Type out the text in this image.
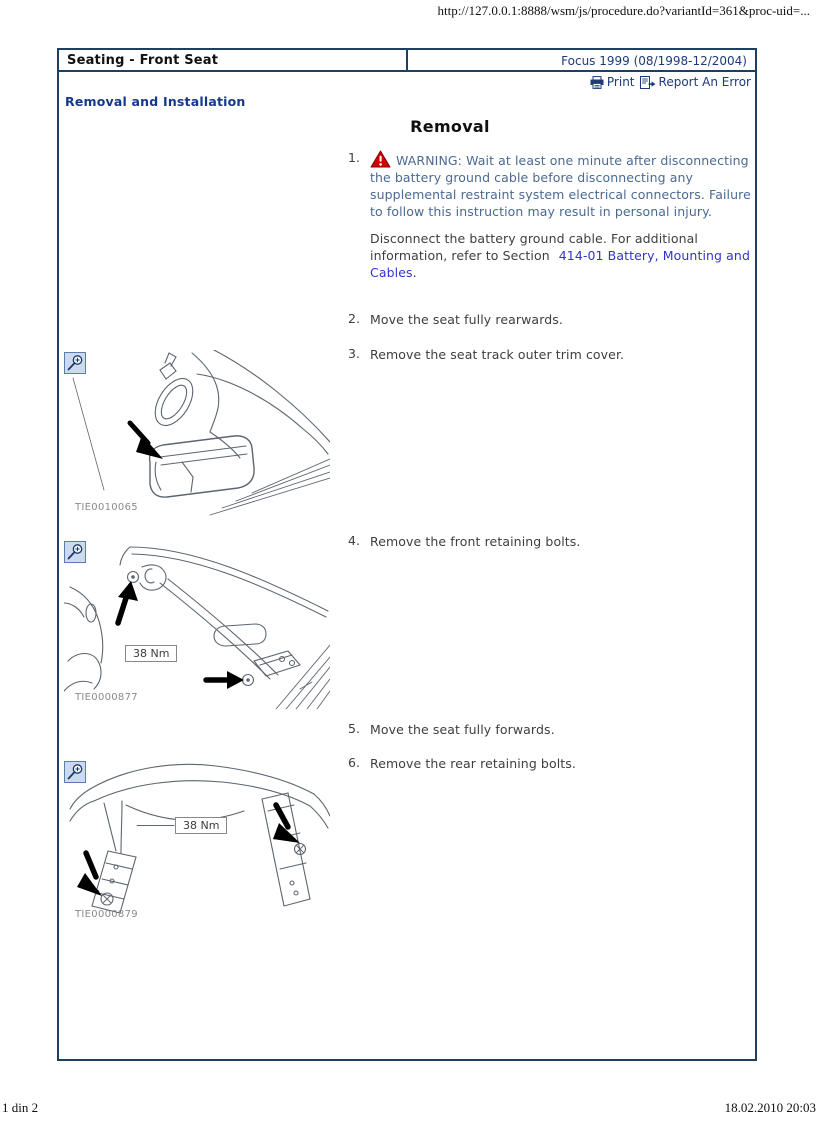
http://127.0.0.1:8888/wsm/js/procedure.do?variantId=361&proc-uid=...
Seating - Front Seat	Focus 1999 (08/1998-12/2004)
Print Report An Error
Removal and Installation
Removal
1.	WARNING: Wait at least one minute after disconnecting the battery ground cable before disconnecting any supplemental restraint system electrical connectors. Failure to follow this instruction may result in personal injury.
Disconnect the battery ground cable. For additional information, refer to Section 414-01 Battery, Mounting and Cables.
2. Move the seat fully rearwards.
3. Remove the seat track outer trim cover.
4. Remove the front retaining bolts.
5. Move the seat fully forwards.
6. Remove the rear retaining bolts.
TIE0010065
38 Nm
TIE0000877
38 Nm
TIE0000879
1 din 2	18.02.2010 20:03
